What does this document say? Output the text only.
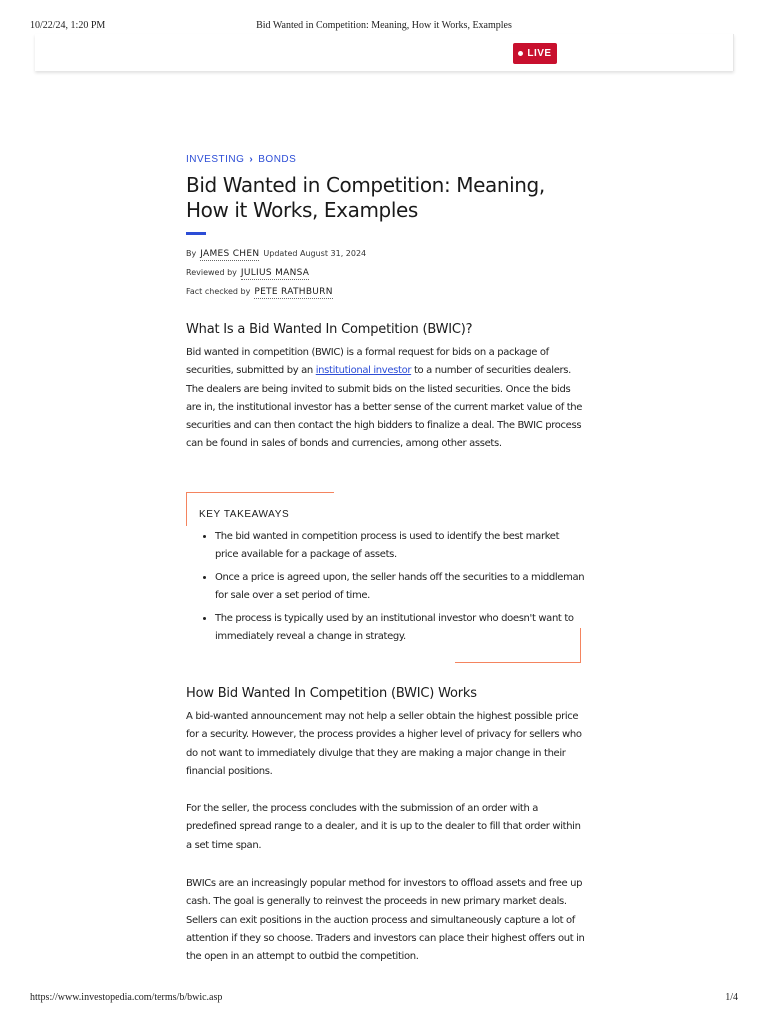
10/22/24, 1:20 PM	Bid Wanted in Competition: Meaning, How it Works, Examples
LIVE
INVESTING › BONDS
Bid Wanted in Competition: Meaning, How it Works, Examples
By JAMES CHEN Updated August 31, 2024
Reviewed by JULIUS MANSA
Fact checked by PETE RATHBURN
What Is a Bid Wanted In Competition (BWIC)?

Bid wanted in competition (BWIC) is a formal request for bids on a package of securities, submitted by an institutional investor to a number of securities dealers. The dealers are being invited to submit bids on the listed securities. Once the bids are in, the institutional investor has a better sense of the current market value of the securities and can then contact the high bidders to finalize a deal. The BWIC process can be found in sales of bonds and currencies, among other assets.

KEY TAKEAWAYS
• The bid wanted in competition process is used to identify the best market price available for a package of assets.
• Once a price is agreed upon, the seller hands off the securities to a middleman for sale over a set period of time.
• The process is typically used by an institutional investor who doesn't want to immediately reveal a change in strategy.
How Bid Wanted In Competition (BWIC) Works

A bid-wanted announcement may not help a seller obtain the highest possible price for a security. However, the process provides a higher level of privacy for sellers who do not want to immediately divulge that they are making a major change in their financial positions.

For the seller, the process concludes with the submission of an order with a predefined spread range to a dealer, and it is up to the dealer to fill that order within a set time span.

BWICs are an increasingly popular method for investors to offload assets and free up cash. The goal is generally to reinvest the proceeds in new primary market deals. Sellers can exit positions in the auction process and simultaneously capture a lot of attention if they so choose. Traders and investors can place their highest offers out in the open in an attempt to outbid the competition.

https://www.investopedia.com/terms/b/bwic.asp	1/4
